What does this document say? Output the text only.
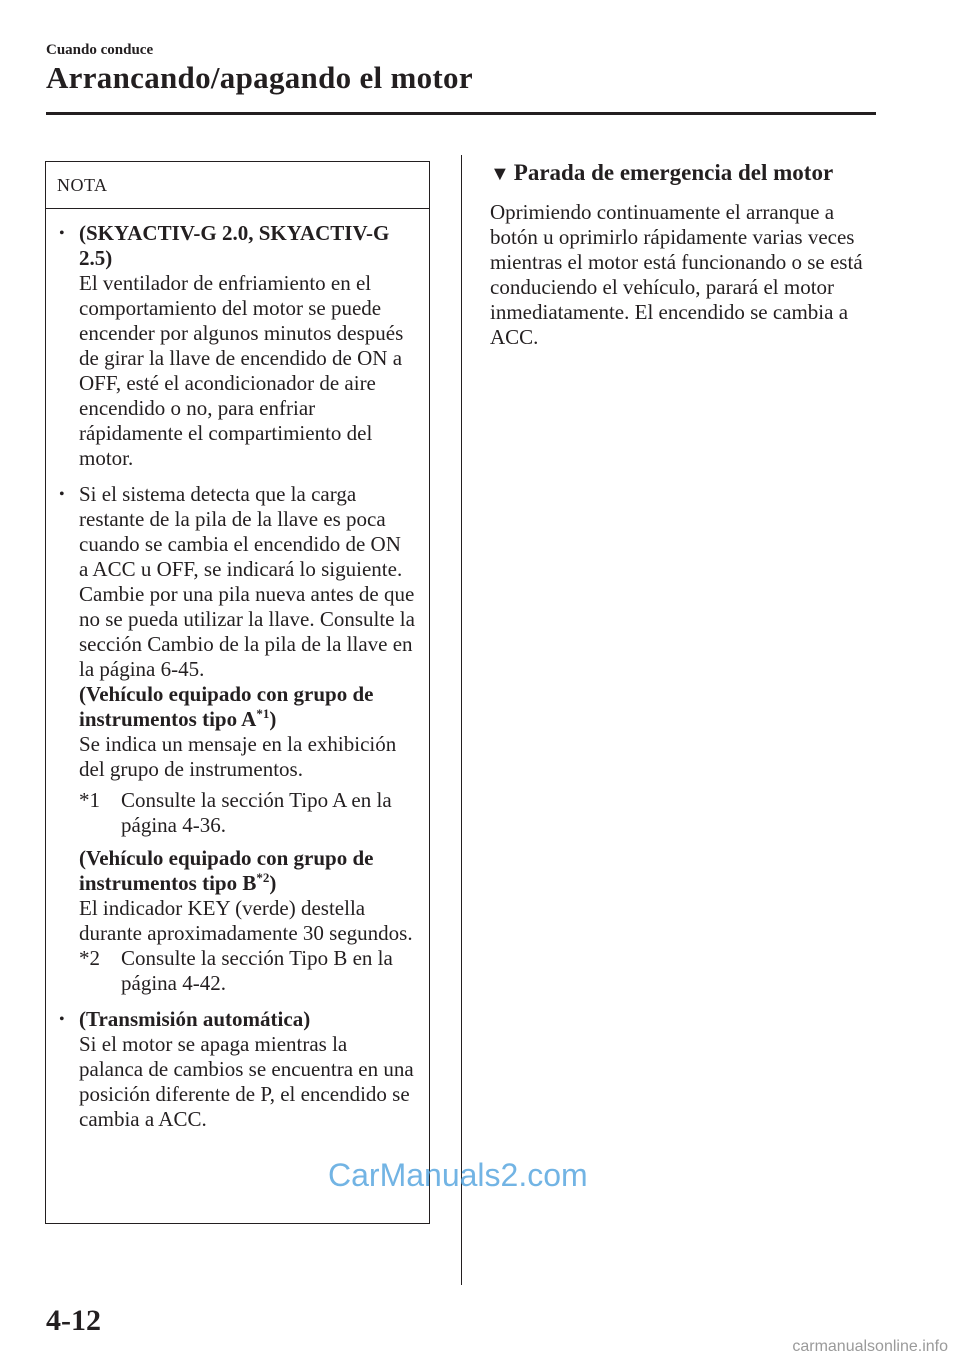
Cuando conduce
Arrancando/apagando el motor
NOTA
• (SKYACTIV-G 2.0, SKYACTIV-G 2.5)
El ventilador de enfriamiento en el comportamiento del motor se puede encender por algunos minutos después de girar la llave de encendido de ON a OFF, esté el acondicionador de aire encendido o no, para enfriar rápidamente el compartimiento del motor.
• Si el sistema detecta que la carga restante de la pila de la llave es poca cuando se cambia el encendido de ON a ACC u OFF, se indicará lo siguiente.
Cambie por una pila nueva antes de que no se pueda utilizar la llave. Consulte la sección Cambio de la pila de la llave en la página 6-45.
(Vehículo equipado con grupo de instrumentos tipo $A^{*1}$)
Se indica un mensaje en la exhibición del grupo de instrumentos.
*1 Consulte la sección Tipo A en la página 4-36.
(Vehículo equipado con grupo de instrumentos tipo $B^{*2}$)
El indicador KEY (verde) destella durante aproximadamente 30 segundos.
*2 Consulte la sección Tipo B en la página 4-42.
• (Transmisión automática)
Si el motor se apaga mientras la palanca de cambios se encuentra en una posición diferente de P, el encendido se cambia a ACC.
▼ Parada de emergencia del motor
Oprimiendo continuamente el arranque a botón u oprimirlo rápidamente varias veces mientras el motor está funcionando o se está conduciendo el vehículo, parará el motor inmediatamente. El encendido se cambia a ACC.
CarManuals2.com
4-12
carmanualsonline.info
